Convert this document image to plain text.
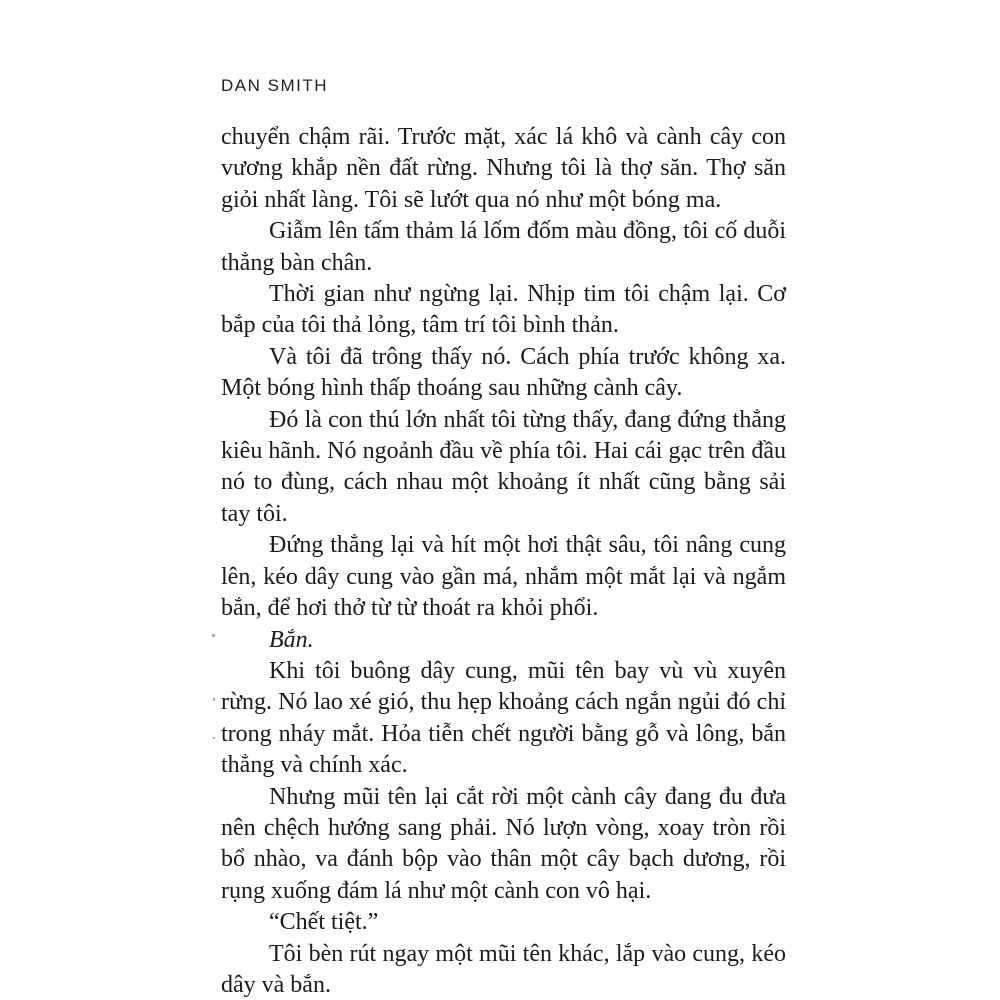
DAN SMITH

chuyển chậm rãi. Trước mặt, xác lá khô và cành cây con vương khắp nền đất rừng. Nhưng tôi là thợ săn. Thợ săn giỏi nhất làng. Tôi sẽ lướt qua nó như một bóng ma.

Giẫm lên tấm thảm lá lốm đốm màu đồng, tôi cố duỗi thẳng bàn chân.

Thời gian như ngừng lại. Nhịp tim tôi chậm lại. Cơ bắp của tôi thả lỏng, tâm trí tôi bình thản.

Và tôi đã trông thấy nó. Cách phía trước không xa. Một bóng hình thấp thoáng sau những cành cây.

Đó là con thú lớn nhất tôi từng thấy, đang đứng thẳng kiêu hãnh. Nó ngoảnh đầu về phía tôi. Hai cái gạc trên đầu nó to đùng, cách nhau một khoảng ít nhất cũng bằng sải tay tôi.

Đứng thẳng lại và hít một hơi thật sâu, tôi nâng cung lên, kéo dây cung vào gần má, nhắm một mắt lại và ngắm bắn, để hơi thở từ từ thoát ra khỏi phổi.

Bắn.

Khi tôi buông dây cung, mũi tên bay vù vù xuyên rừng. Nó lao xé gió, thu hẹp khoảng cách ngắn ngủi đó chỉ trong nháy mắt. Hỏa tiễn chết người bằng gỗ và lông, bắn thẳng và chính xác.

Nhưng mũi tên lại cắt rời một cành cây đang đu đưa nên chệch hướng sang phải. Nó lượn vòng, xoay tròn rồi bổ nhào, va đánh bộp vào thân một cây bạch dương, rồi rụng xuống đám lá như một cành con vô hại.

“Chết tiệt.”

Tôi bèn rút ngay một mũi tên khác, lắp vào cung, kéo dây và bắn.
